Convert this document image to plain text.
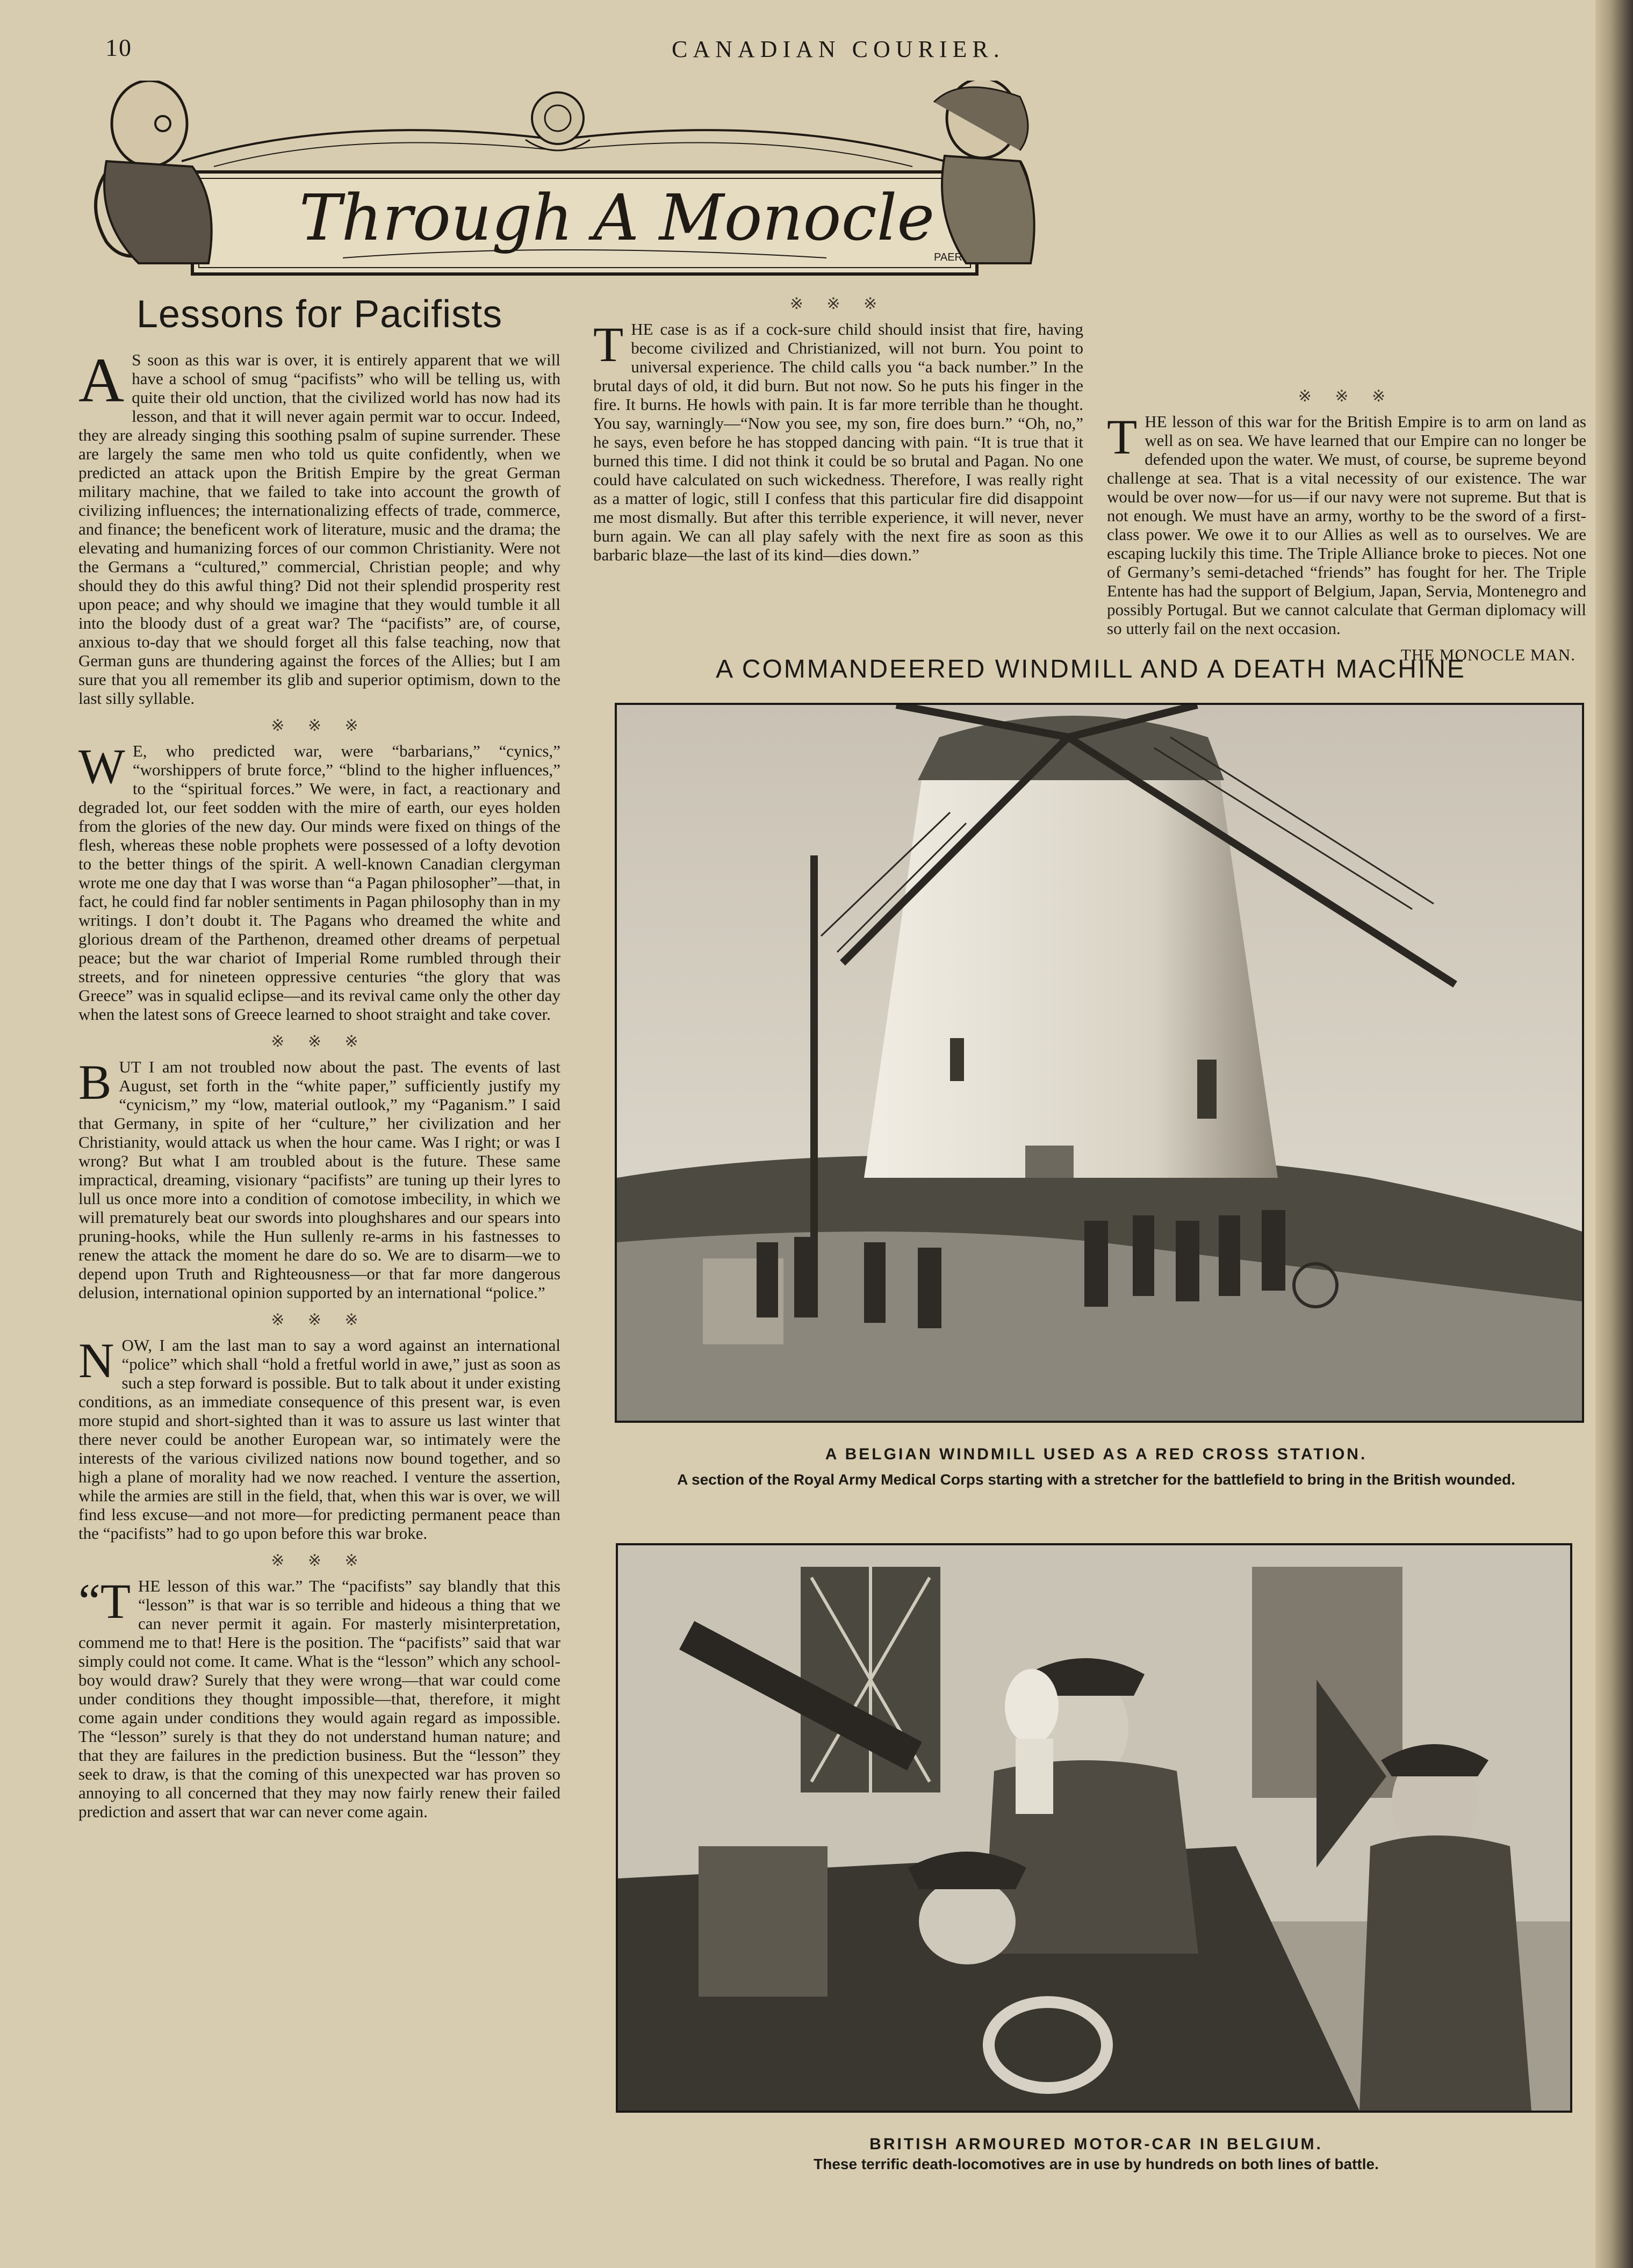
10	CANADIAN COURIER.
Through A Monocle
PAER
Lessons for Pacifists

A S soon as this war is over, it is entirely apparent that we will have a school of smug “pacifists” who will be telling us, with quite their old unction, that the civilized world has now had its lesson, and that it will never again permit war to occur. Indeed, they are already singing this soothing psalm of supine surrender. These are largely the same men who told us quite confidently, when we predicted an attack upon the British Empire by the great German military machine, that we failed to take into account the growth of civilizing influences; the internationalizing effects of trade, commerce, and finance; the beneficent work of literature, music and the drama; the elevating and humanizing forces of our common Christianity. Were not the Germans a “cultured,” commercial, Christian people; and why should they do this awful thing? Did not their splendid prosperity rest upon peace; and why should we imagine that they would tumble it all into the bloody dust of a great war? The “pacifists” are, of course, anxious to-day that we should forget all this false teaching, now that German guns are thundering against the forces of the Allies; but I am sure that you all remember its glib and superior optimism, down to the last silly syllable.

※ ※ ※

W E, who predicted war, were “barbarians,” “cynics,” “worshippers of brute force,” “blind to the higher influences,” to the “spiritual forces.” We were, in fact, a reactionary and degraded lot, our feet sodden with the mire of earth, our eyes holden from the glories of the new day. Our minds were fixed on things of the flesh, whereas these noble prophets were possessed of a lofty devotion to the better things of the spirit. A well-known Canadian clergyman wrote me one day that I was worse than “a Pagan philosopher”—that, in fact, he could find far nobler sentiments in Pagan philosophy than in my writings. I don’t doubt it. The Pagans who dreamed the white and glorious dream of the Parthenon, dreamed other dreams of perpetual peace; but the war chariot of Imperial Rome rumbled through their streets, and for nineteen oppressive centuries “the glory that was Greece” was in squalid eclipse—and its revival came only the other day when the latest sons of Greece learned to shoot straight and take cover.

※ ※ ※

BUT I am not troubled now about the past. The events of last August, set forth in the “white paper,” sufficiently justify my “cynicism,” my “low, material outlook,” my “Paganism.” I said that Germany, in spite of her “culture,” her civilization and her Christianity, would attack us when the hour came. Was I right; or was I wrong? But what I am troubled about is the future. These same impractical, dreaming, visionary “pacifists” are tuning up their lyres to lull us once more into a condition of comotose imbecility, in which we will prematurely beat our swords into ploughshares and our spears into pruning-hooks, while the Hun sullenly re-arms in his fastnesses to renew the attack the moment he dare do so. We are to disarm—we to depend upon Truth and Righteousness—or that far more dangerous delusion, international opinion supported by an international “police.”

※ ※ ※

NOW, I am the last man to say a word against an international “police” which shall “hold a fretful world in awe,” just as soon as such a step forward is possible. But to talk about it under existing conditions, as an immediate consequence of this present war, is even more stupid and short-sighted than it was to assure us last winter that there never could be another European war, so intimately were the interests of the various civilized nations now bound together, and so high a plane of morality had we now reached. I venture the assertion, while the armies are still in the field, that, when this war is over, we will find less excuse—and not more—for predicting permanent peace than the “pacifists” had to go upon before this war broke.

※ ※ ※

“THE lesson of this war.” The “pacifists” say blandly that this “lesson” is that war is so terrible and hideous a thing that we can never permit it again. For masterly misinterpretation, commend me to that! Here is the position. The “pacifists” said that war simply could not come. It came. What is the “lesson” which any school-boy would draw? Surely that they were wrong—that war could come under conditions they thought impossible—that, therefore, it might come again under conditions they would again regard as impossible. The “lesson” surely is that they do not understand human nature; and that they are failures in the prediction business. But the “lesson” they seek to draw, is that the coming of this unexpected war has proven so annoying to all concerned that they may now fairly renew their failed prediction and assert that war can never come again.

※ ※ ※

THE case is as if a cock-sure child should insist that fire, having become civilized and Christianized, will not burn. You point to universal experience. The child calls you “a back number.” In the brutal days of old, it did burn. But not now. So he puts his finger in the fire. It burns. He howls with pain. It is far more terrible than he thought. You say, warningly—“Now you see, my son, fire does burn.” “Oh, no,” he says, even before he has stopped dancing with pain. “It is true that it burned this time. I did not think it could be so brutal and Pagan. No one could have calculated on such wickedness. Therefore, I was really right as a matter of logic, still I confess that this particular fire did disappoint me most dismally. But after this terrible experience, it will never, never burn again. We can all play safely with the next fire as soon as this barbaric blaze—the last of its kind—dies down.”

※ ※ ※

THE lesson of this war for the British Empire is to arm on land as well as on sea. We have learned that our Empire can no longer be defended upon the water. We must, of course, be supreme beyond challenge at sea. That is a vital necessity of our existence. The war would be over now—for us—if our navy were not supreme. But that is not enough. We must have an army, worthy to be the sword of a first-class power. We owe it to our Allies as well as to ourselves. We are escaping luckily this time. The Triple Alliance broke to pieces. Not one of Germany’s semi-detached “friends” has fought for her. The Triple Entente has had the support of Belgium, Japan, Servia, Montenegro and possibly Portugal. But we cannot calculate that German diplomacy will so utterly fail on the next occasion.

THE MONOCLE MAN.
A COMMANDEERED WINDMILL AND A DEATH MACHINE
A BELGIAN WINDMILL USED AS A RED CROSS STATION.
A section of the Royal Army Medical Corps starting with a stretcher for the battlefield to bring in the British wounded.
BRITISH ARMOURED MOTOR-CAR IN BELGIUM.
These terrific death-locomotives are in use by hundreds on both lines of battle.
